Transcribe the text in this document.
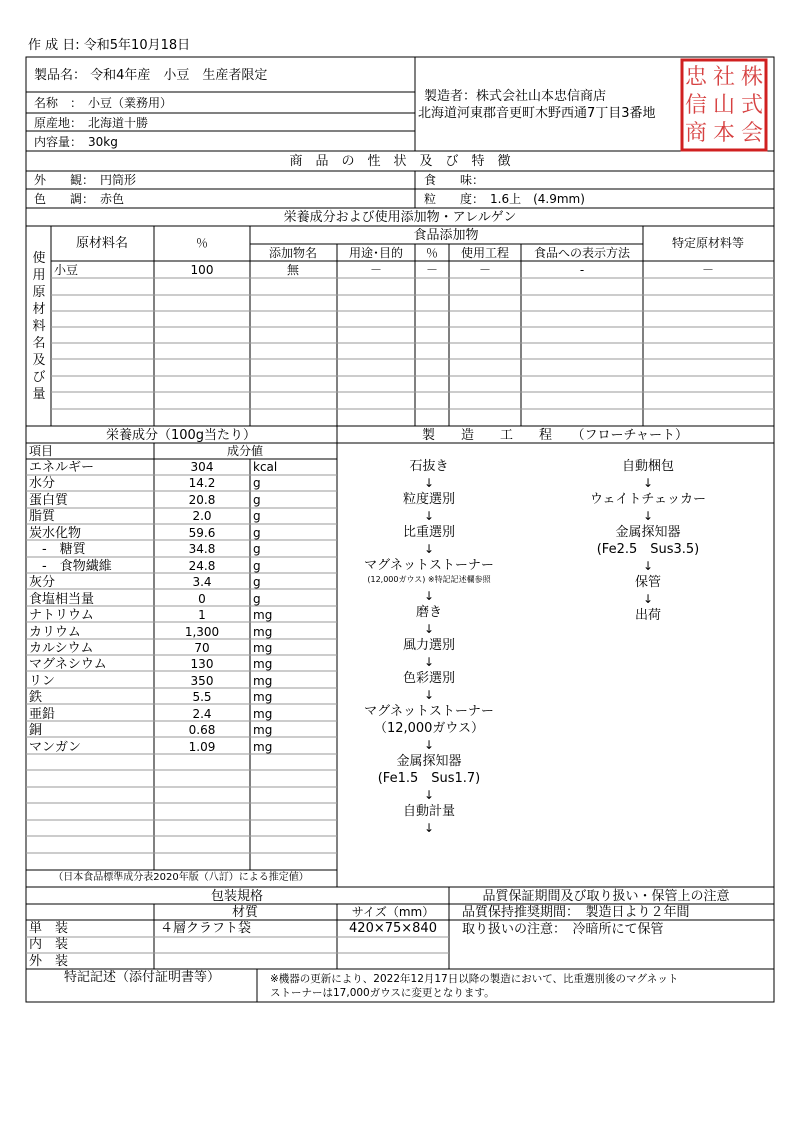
作 成 日: 令和5年10月18日
製品名： 令和4年産　小豆　生産者限定
名称　：　小豆（業務用）
原産地：　北海道十勝
内容量：　30kg
製造者：株式会社山本忠信商店
北海道河東郡音更町木野西通7丁目3番地
株
式
会
社
山
本
忠
信
商
商　品　の　性　状　及　び　特　徴
外　　観：　円筒形	食　　味：
色　　調：　赤色	粒　　度：　1.6上　(4.9mm)
栄養成分および使用添加物・アレルゲン
使
用
原
材
料
名
及
び
量
原材料名	％	食品添加物
添加物名	用途･目的 ％ 使用工程 食品への表示方法
特定原材料等
小豆	100	無	－	－	－	-	－
栄養成分（100g当たり）
項目	成分値
エネルギー	304	kcal
水分	14.2	g
蛋白質	20.8	g
脂質	2.0	g
炭水化物	59.6	g
　-　糖質	34.8	g
　-　食物繊維	24.8	g
灰分	3.4	g
食塩相当量	0	g
ナトリウム	1	mg
カリウム	1,300	mg
カルシウム	70	mg
マグネシウム	130	mg
リン	350	mg
鉄	5.5	mg
亜鉛	2.4	mg
銅	0.68	mg
マンガン	1.09	mg
（日本食品標準成分表2020年版（八訂）による推定値）
製　　造　　工　　程　　（フローチャート）
石抜き
↓
粒度選別
↓
比重選別
↓
マグネットストーナー
(12,000ガウス) ※特記記述欄参照
↓
磨き
↓
風力選別
↓
色彩選別
↓
マグネットストーナー
（12,000ガウス）
↓
金属探知器
(Fe1.5　Sus1.7)
↓
自動計量
↓
自動梱包
↓
ウェイトチェッカー
↓
金属探知器
(Fe2.5　Sus3.5)
↓
保管
↓
出荷
包装規格
材質	サイズ（mm）
単　装	４層クラフト袋	420×75×840
内　装
外　装
品質保証期間及び取り扱い・保管上の注意
品質保持推奨期間：　製造日より２年間
取り扱いの注意：　冷暗所にて保管
特記記述（添付証明書等）	※機器の更新により、2022年12月17日以降の製造において、比重選別後のマグネット
ストーナーは17,000ガウスに変更となります。
